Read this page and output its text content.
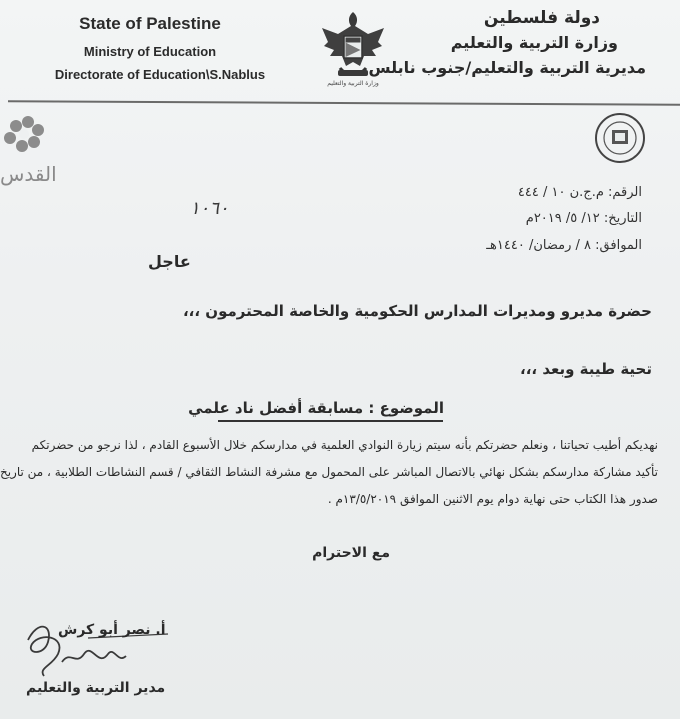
State of Palestine
Ministry of Education
Directorate of Education\S.Nablus
وزارة التربية والتعليم
دولة فلسطين
وزارة التربية والتعليم
مديرية التربية والتعليم/جنوب نابلس
القدس
الرقم: م.ج.ن ١٠ / ٤٤٤
التاريخ: ١٢/ ٥/ ٢٠١٩م
الموافق: ٨ / رمضان/ ١٤٤٠هـ
١٠٦٠
عاجل
حضرة مديرو ومديرات المدارس الحكومية والخاصة المحترمون ،،،
تحية طيبة وبعد ،،،
الموضوع : مسابقة أفضل ناد علمي
نهديكم أطيب تحياتنا ، ونعلم حضرتكم بأنه سيتم زيارة النوادي العلمية في مدارسكم خلال الأسبوع القادم ، لذا نرجو من حضرتكم
تأكيد مشاركة مدارسكم بشكل نهائي بالاتصال المباشر على المحمول مع مشرفة النشاط الثقافي / قسم النشاطات الطلابية ، من تاريخ
صدور هذا الكتاب حتى نهاية دوام يوم الاثنين الموافق ١٣/٥/٢٠١٩م .
مع الاحترام
أ. نصر أبو كرش
مدير التربية والتعليم
